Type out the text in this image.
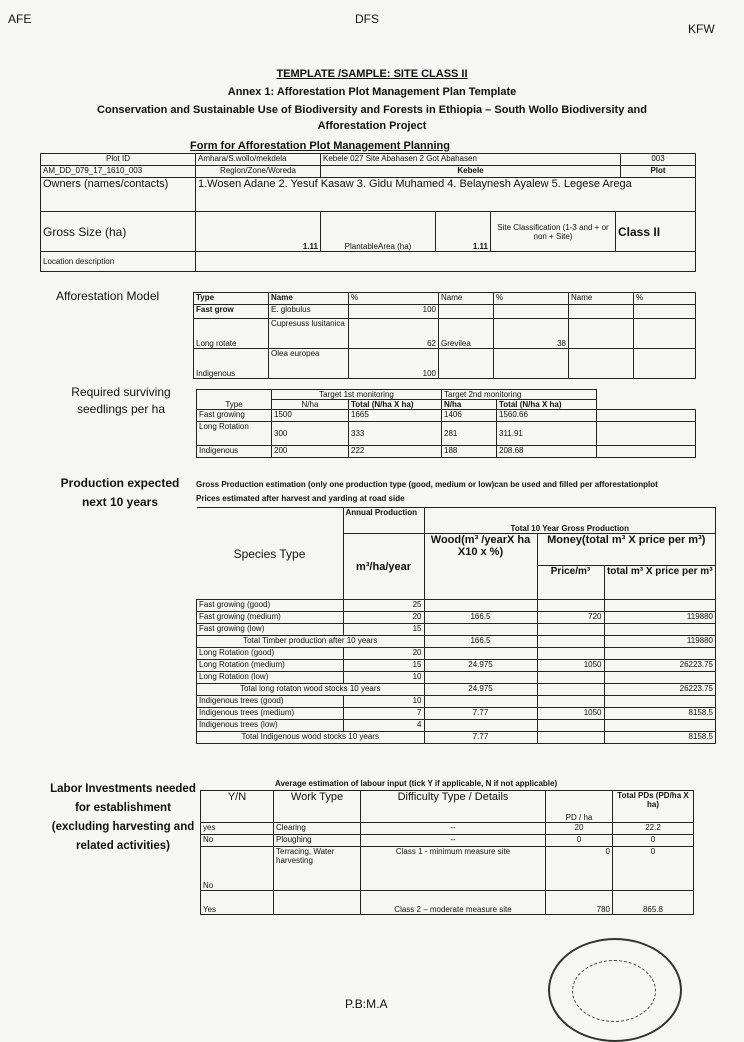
AFE	DFS
KFW
TEMPLATE /SAMPLE: SITE CLASS II
Annex 1: Afforestation Plot Management Plan Template
Conservation and Sustainable Use of Biodiversity and Forests in Ethiopia – South Wollo Biodiversity and
Afforestation Project
Form for Afforestation Plot Management Planning
Plot ID	Amhara/S.wollo/mekdela	Kebele 027 Site Abahasen 2 Got Abahasen				003
AM_DD_079_17_1610_003	Region/Zone/Woreda	Kebele				Plot
Owners (names/contacts)	1.Wosen Adane 2. Yesuf Kasaw 3. Gidu Muhamed 4. Belaynesh Ayalew 5. Legese Arega					
Gross Size (ha)	1.11	PlantableArea (ha)	1.11	Site Classification (1-3 and + or non + Site)	Class II	
Location description						
Afforestation Model	Type	Name	%	Name	%	Name	%
Fast grow	E. globulus	100				
Long rotate	Cupresuss lusitanica	62	Grevilea	38		
Indigenous	Olea europea	100				
Required surviving seedlings per ha
	Target 1st monitoring		Target 2nd monitoring		
Type	N/ha	Total (N/ha X ha)	N/ha	Total (N/ha X ha)	
Fast growing	1500	1665	1406	1560.66	
Long Rotation	300	333	281	311.91	
Indigenous	200	222	188	208.68	
Production expected next 10 years
Gross Production estimation (only one production type (good, medium or low)can be used and filled per afforestationplot Prices estimated after harvest and yarding at road side
Species Type	Annual Production	Total 10 Year Gross Production		
	m³/ha/year	Wood(m³ /yearX ha X10 x %)	Money(total m³ X price per m³)	
			Price/m³	total m³ X price per m³
Fast growing (good)	25			
Fast growing (medium)	20	166.5	720	119880
Fast growing (low)	15			
Total Timber production after 10 years		166.5		119880
Long Rotation (good)	20			
Long Rotation (medium)	15	24.975	1050	26223.75
Long Rotation (low)	10			
Total long rotaton wood stocks 10 years		24.975		26223.75
Indigenous trees (good)	10			
Indigenous trees (medium)	7	7.77	1050	8158.5
Indigenous trees (low)	4			
Total Indigenous wood stocks 10 years		7.77		8158.5
Labor Investments needed for establishment (excluding harvesting and related activities)
Average estimation of labour input (tick Y if applicable, N if not applicable)
Y/N	Work Type	Difficulty Type / Details	PD / ha	Total PDs (PD/ha X ha)
yes	Clearing	--	20	22.2
No	Ploughing	--	0	0
No	Terracing, Water harvesting	Class 1 - minimum measure site	0	0
Yes		Class 2 – moderate measure site	780	865.8
P.B:M.A
